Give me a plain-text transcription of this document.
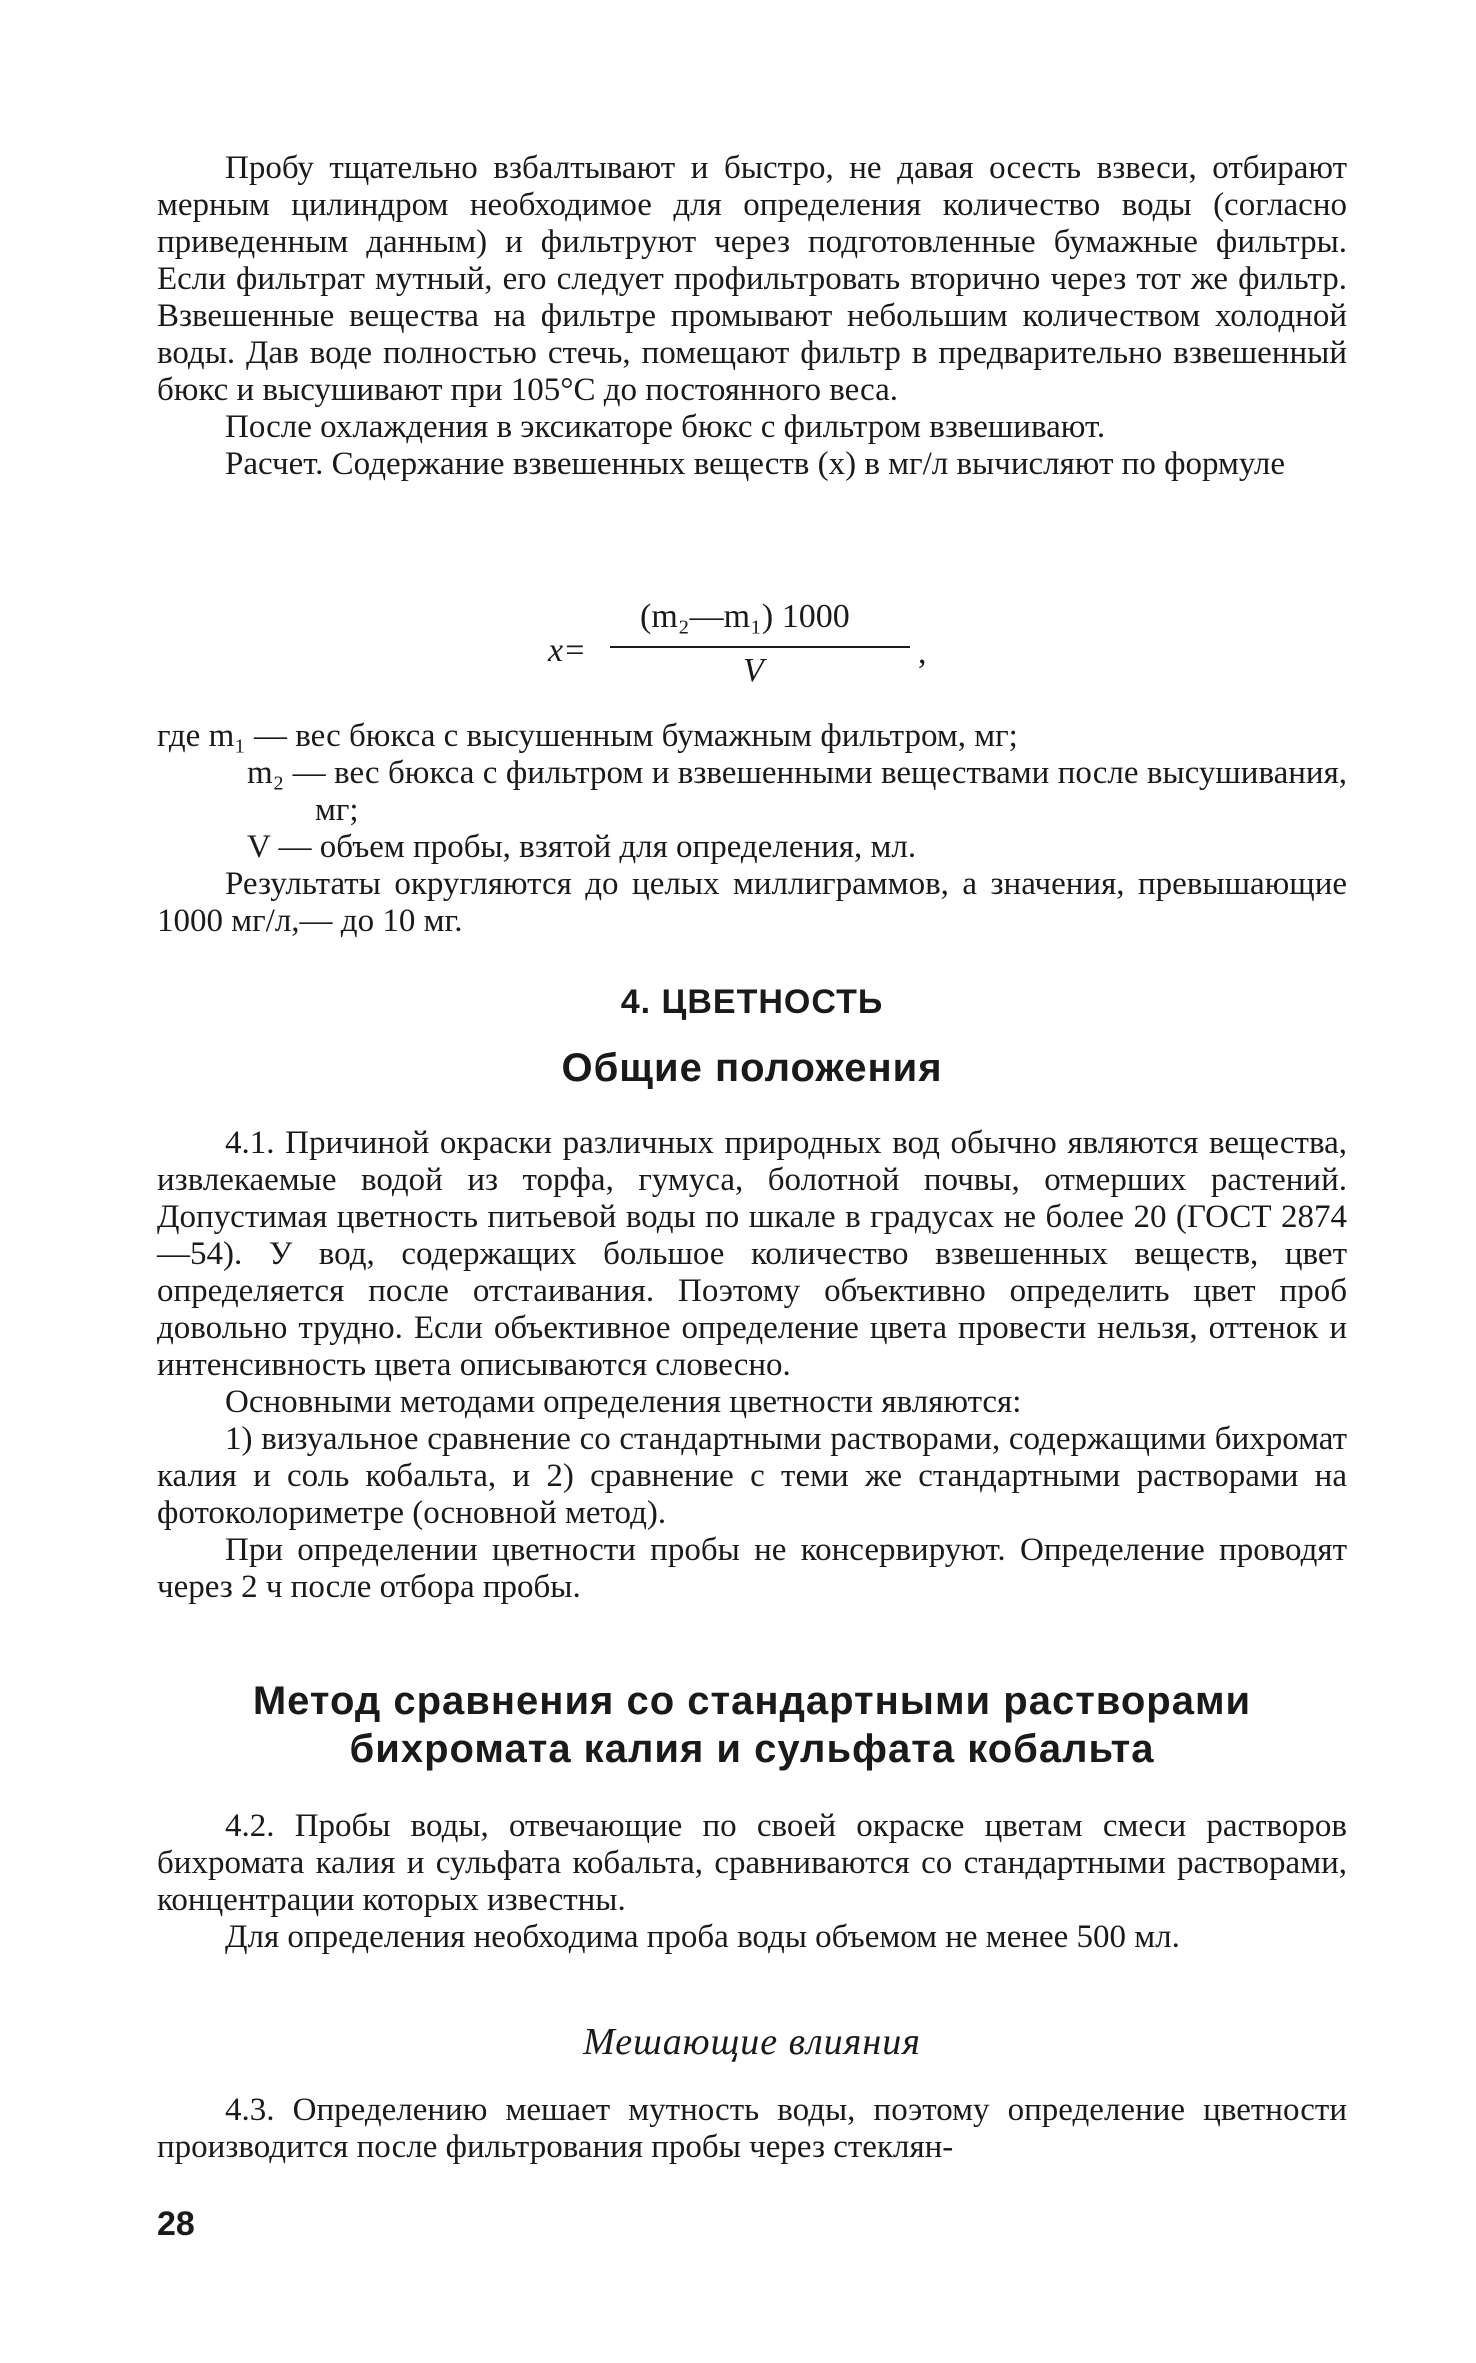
Пробу тщательно взбалтывают и быстро, не давая осесть взвеси, отбирают мерным цилиндром необходимое для определения количество воды (согласно приведенным данным) и фильтруют через подготовленные бумажные фильтры. Если фильтрат мутный, его следует профильтровать вторично через тот же фильтр. Взвешенные вещества на фильтре промывают небольшим количеством холодной воды. Дав воде полностью стечь, помещают фильтр в предварительно взвешенный бюкс и высушивают при 105°С до постоянного веса.

После охлаждения в эксикаторе бюкс с фильтром взвешивают.

Расчет. Содержание взвешенных веществ (x) в мг/л вычисляют по формуле

x=
(m₂—m₁) 1000
V	,

где m₁ — вес бюкса с высушенным бумажным фильтром, мг;

m₂ — вес бюкса с фильтром и взвешенными веществами после высушивания, мг;

V — объем пробы, взятой для определения, мл.

Результаты округляются до целых миллиграммов, а значения, превышающие 1000 мг/л,— до 10 мг.

4. ЦВЕТНОСТЬ
Общие положения

4.1. Причиной окраски различных природных вод обычно являются вещества, извлекаемые водой из торфа, гумуса, болотной почвы, отмерших растений. Допустимая цветность питьевой воды по шкале в градусах не более 20 (ГОСТ 2874—54). У вод, содержащих большое количество взвешенных веществ, цвет определяется после отстаивания. Поэтому объективно определить цвет проб довольно трудно. Если объективное определение цвета провести нельзя, оттенок и интенсивность цвета описываются словесно.

Основными методами определения цветности являются:

1) визуальное сравнение со стандартными растворами, содержащими бихромат калия и соль кобальта, и 2) сравнение с теми же стандартными растворами на фотоколориметре (основной метод).

При определении цветности пробы не консервируют. Определение проводят через 2 ч после отбора пробы.

Метод сравнения со стандартными растворами
бихромата калия и сульфата кобальта

4.2. Пробы воды, отвечающие по своей окраске цветам смеси растворов бихромата калия и сульфата кобальта, сравниваются со стандартными растворами, концентрации которых известны.

Для определения необходима проба воды объемом не менее 500 мл.

Мешающие влияния

4.3. Определению мешает мутность воды, поэтому определение цветности производится после фильтрования пробы через стеклян-

28
